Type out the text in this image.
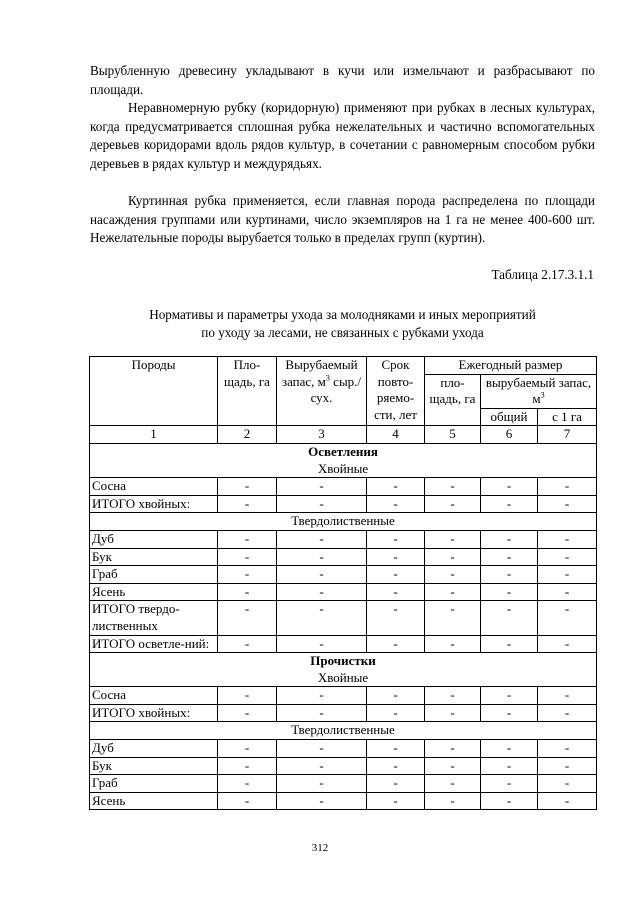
Вырубленную древесину укладывают в кучи или измельчают и разбрасывают по площади.

Неравномерную рубку (коридорную) применяют при рубках в лесных культурах, когда предусматривается сплошная рубка нежелательных и частично вспомогательных деревьев коридорами вдоль рядов культур, в сочетании с равномерным способом рубки деревьев в рядах культур и междурядьях.

Куртинная рубка применяется, если главная порода распределена по площади насаждения группами или куртинами, число экземпляров на 1 га не менее 400-600 шт. Нежелательные породы вырубается только в пределах групп (куртин).

Таблица 2.17.3.1.1
Нормативы и параметры ухода за молодняками и иных мероприятий
по уходу за лесами, не связанных с рубками ухода
Породы	Пло-щадь, га	Вырубаемый запас, $м^3$ сыр./сух.	Срок повто-ряемо-сти, лет	Ежегодный размер		
				пло-щадь, га	вырубаемый запас, $м^3$
					общий	с 1 га
1	2	3	4	5	6	7
Осветления
Хвойные						
Сосна	-	-	-	-	-	-
ИТОГО хвойных:	-	-	-	-	-	-
Твердолиственные						
Дуб	-	-	-	-	-	-
Бук	-	-	-	-	-	-
Граб	-	-	-	-	-	-
Ясень	-	-	-	-	-	-
ИТОГО твердо-лиственных	-	-	-	-	-	-
ИТОГО осветле-ний:	-	-	-	-	-	-
Прочистки
Хвойные						
Сосна	-	-	-	-	-	-
ИТОГО хвойных:	-	-	-	-	-	-
Твердолиственные						
Дуб	-	-	-	-	-	-
Бук	-	-	-	-	-	-
Граб	-	-	-	-	-	-
Ясень	-	-	-	-	-	-
312
